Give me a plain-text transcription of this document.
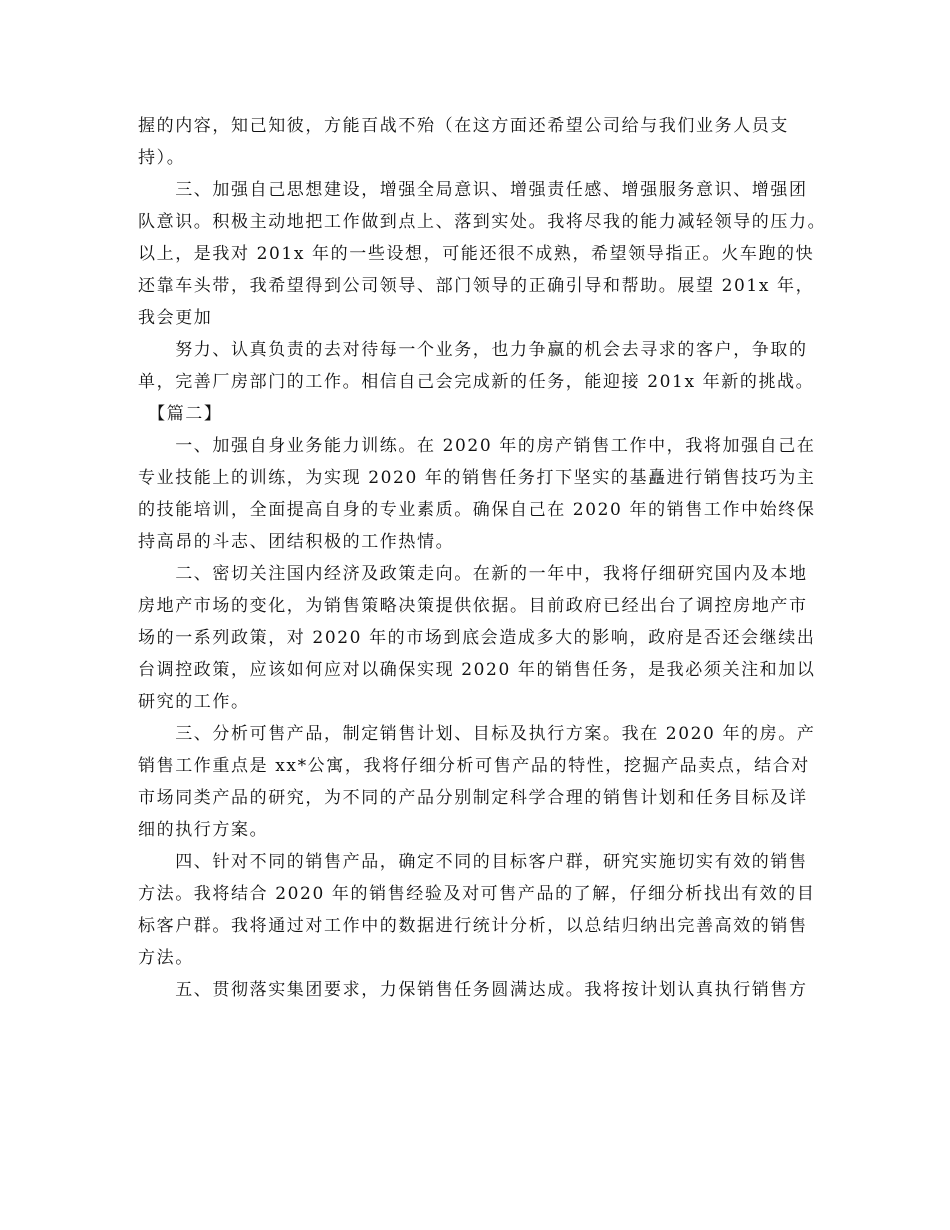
握的内容，知己知彼，方能百战不殆（在这方面还希望公司给与我们业务人员支
持）。
　　三、加强自己思想建设，增强全局意识、增强责任感、增强服务意识、增强团
队意识。积极主动地把工作做到点上、落到实处。我将尽我的能力减轻领导的压力。
以上，是我对 201x 年的一些设想，可能还很不成熟，希望领导指正。火车跑的快
还靠车头带，我希望得到公司领导、部门领导的正确引导和帮助。展望 201x 年，
我会更加
　　努力、认真负责的去对待每一个业务，也力争赢的机会去寻求的客户，争取的
单，完善厂房部门的工作。相信自己会完成新的任务，能迎接 201x 年新的挑战。
　【篇二】
　　一、加强自身业务能力训练。在 2020 年的房产销售工作中，我将加强自己在
专业技能上的训练，为实现 2020 年的销售任务打下坚实的基矗进行销售技巧为主
的技能培训，全面提高自身的专业素质。确保自己在 2020 年的销售工作中始终保
持高昂的斗志、团结积极的工作热情。
　　二、密切关注国内经济及政策走向。在新的一年中，我将仔细研究国内及本地
房地产市场的变化，为销售策略决策提供依据。目前政府已经出台了调控房地产市
场的一系列政策，对 2020 年的市场到底会造成多大的影响，政府是否还会继续出
台调控政策，应该如何应对以确保实现 2020 年的销售任务，是我必须关注和加以
研究的工作。
　　三、分析可售产品，制定销售计划、目标及执行方案。我在 2020 年的房。产
销售工作重点是 xx*公寓，我将仔细分析可售产品的特性，挖掘产品卖点，结合对
市场同类产品的研究，为不同的产品分别制定科学合理的销售计划和任务目标及详
细的执行方案。
　　四、针对不同的销售产品，确定不同的目标客户群，研究实施切实有效的销售
方法。我将结合 2020 年的销售经验及对可售产品的了解，仔细分析找出有效的目
标客户群。我将通过对工作中的数据进行统计分析，以总结归纳出完善高效的销售
方法。
　　五、贯彻落实集团要求，力保销售任务圆满达成。我将按计划认真执行销售方
